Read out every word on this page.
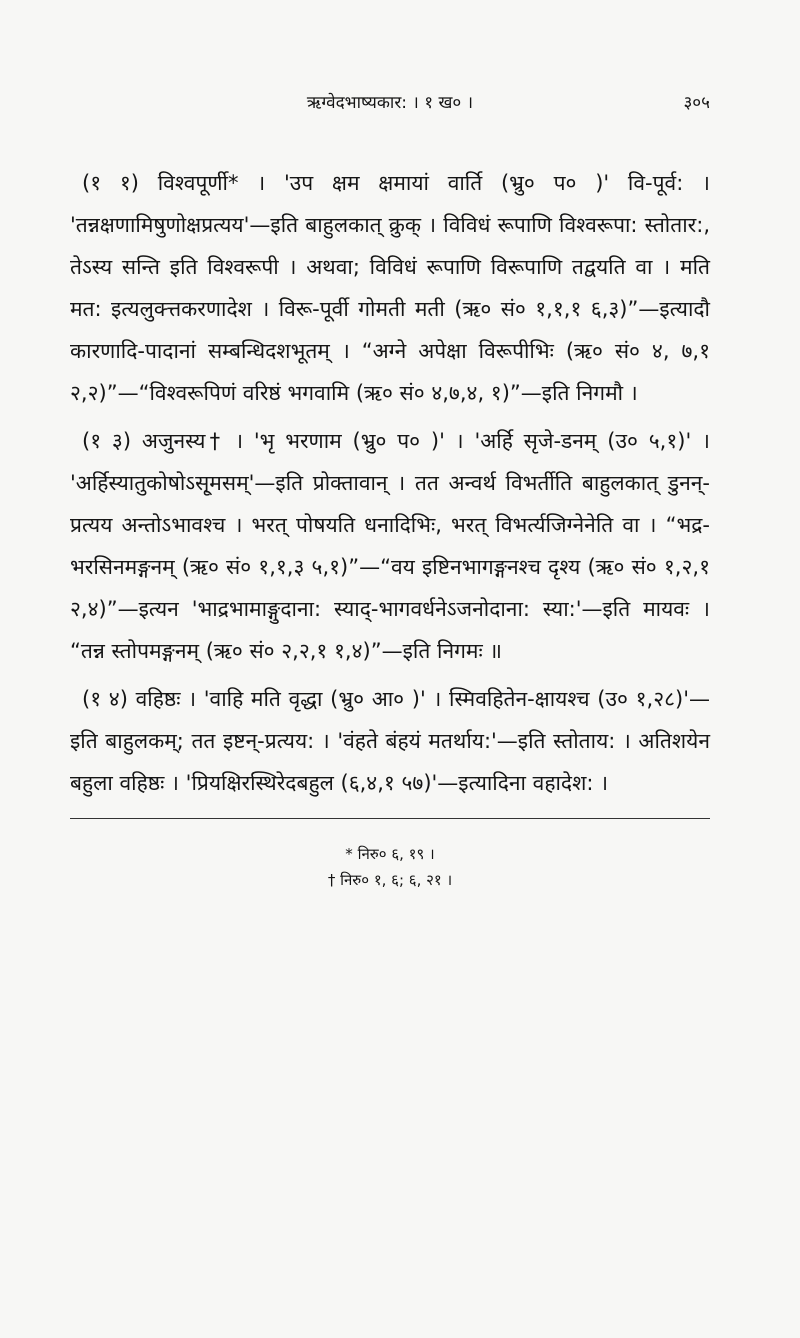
ऋग्वेदभाष्यकार: । १ ख० ।	३०५

(१ १) विश्वपूर्णी* । 'उप क्षम क्षमायां वार्ति (भ्रु० प० )' वि-पूर्व: । 'तन्नक्षणामिषुणोक्षप्रत्यय'—इति बाहुलकात् क्रुक् । विविधं रूपाणि विश्वरूपा: स्तोतार:, तेऽस्य सन्ति इति विश्वरूपी । अथवा; विविधं रूपाणि विरूपाणि तद्वयति वा । मति मत: इत्यलुक्त्तकरणादेश । विरू-पूर्वी गोमती मती (ऋ० सं० १,१,१ ६,३)”—इत्यादौ कारणादि-पादानां सम्बन्धिदशभूतम् । “अग्ने अपेक्षा विरूपीभिः (ऋ० सं० ४, ७,१ २,२)”—“विश्वरूपिणं वरिष्ठं भगवामि (ऋ० सं० ४,७,४, १)”—इति निगमौ ।

(१ ३) अजुनस्य† । 'भृ भरणाम (भ्रु० प० )' । 'अर्हि सृजे-डनम् (उ० ५,१)' । 'अर्हिस्यातुकोषोऽसृ्मसम्'—इति प्रोक्तावान् । तत अन्वर्थ विभर्तीति बाहुलकात् डुनन्-प्रत्यय अन्तोऽभावश्च । भरत् पोषयति धनादिभिः, भरत् विभर्त्यजिग्नेनेति वा । “भद्र-भरसिनमङ्गनम् (ऋ० सं० १,१,३ ५,१)”—“वय इष्टिनभागङ्गनश्च दृश्य (ऋ० सं० १,२,१ २,४)”—इत्यन 'भाद्रभामाङ्गुदाना: स्याद्-भागवर्धनेऽजनोदाना: स्या:'—इति मायवः । “तन्न स्तोपमङ्गनम् (ऋ० सं० २,२,१ १,४)”—इति निगमः ॥

(१ ४) वहिष्ठः । 'वाहि मति वृद्धा (भ्रु० आ० )' । स्मिवहितेन-क्षायश्च (उ० १,२८)'—इति बाहुलकम्; तत इष्टन्-प्रत्यय: । 'वंहते बंहयं मतर्थाय:'—इति स्तोताय: । अतिशयेन बहुला वहिष्ठः । 'प्रियक्षिरस्थिरेदबहुल (६,४,१ ५७)'—इत्यादिना वहादेश: ।

* निरु० ६, १९ ।
† निरु० १, ६; ६, २१ ।
